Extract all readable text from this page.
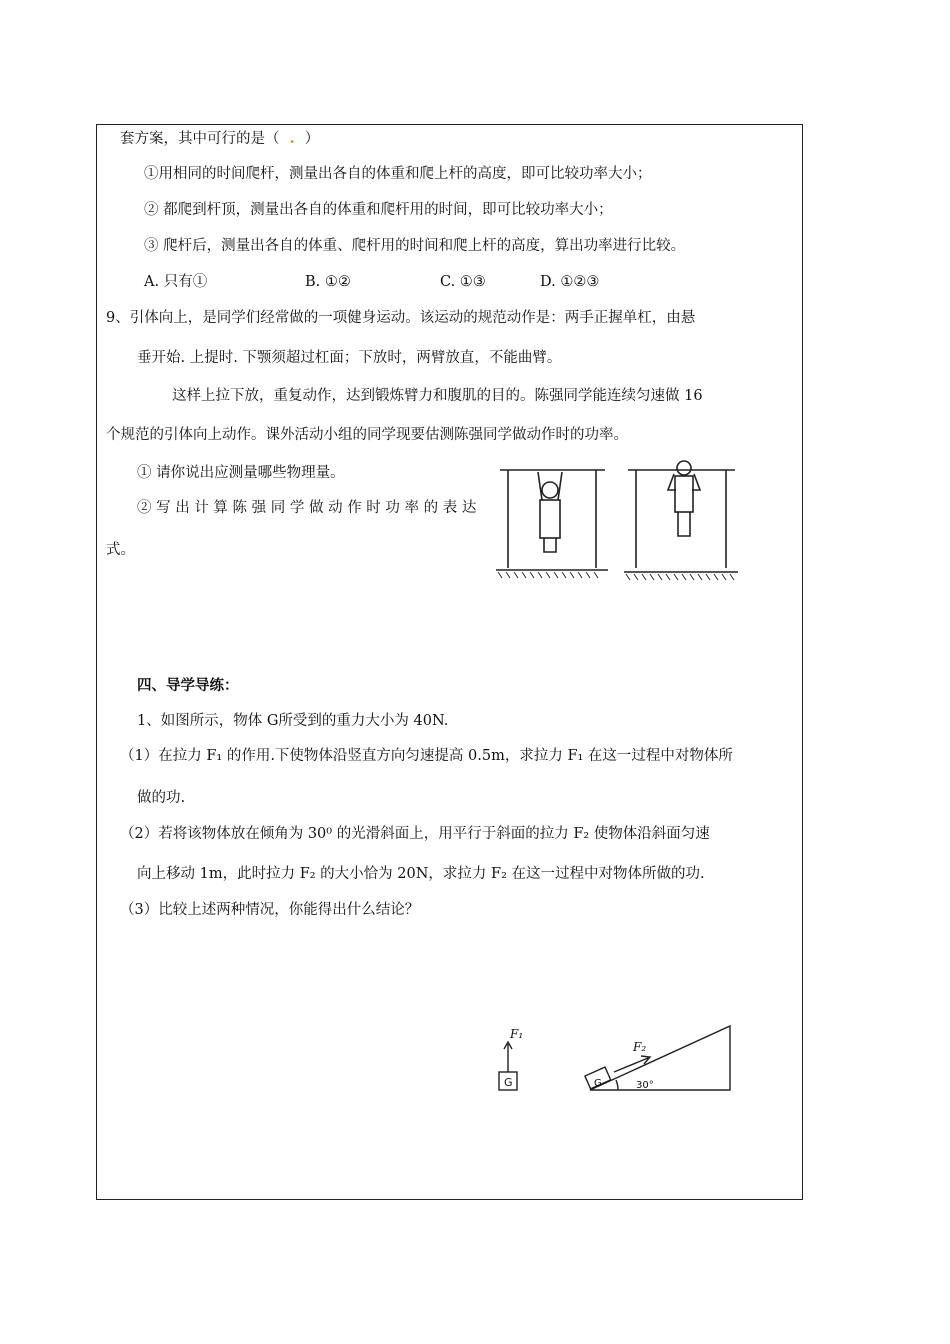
套方案，其中可行的是（  .  ）
①用相同的时间爬杆，测量出各自的体重和爬上杆的高度，即可比较功率大小；
② 都爬到杆顶，测量出各自的体重和爬杆用的时间，即可比较功率大小；
③ 爬杆后，测量出各自的体重、爬杆用的时间和爬上杆的高度，算出功率进行比较。
A. 只有①	B. ①②	C. ①③	D. ①②③
9、引体向上，是同学们经常做的一项健身运动。该运动的规范动作是：两手正握单杠，由悬
垂开始. 上提时. 下颚须超过杠面；下放时，两臂放直，不能曲臂。
这样上拉下放，重复动作，达到锻炼臂力和腹肌的目的。陈强同学能连续匀速做 16
个规范的引体向上动作。课外活动小组的同学现要估测陈强同学做动作时的功率。
① 请你说出应测量哪些物理量。
② 写 出 计 算 陈 强 同 学 做 动 作 时 功 率 的 表 达
式。
四、导学导练：
1、如图所示，物体 G所受到的重力大小为 40N.
（1）在拉力 F₁ 的作用.下使物体沿竖直方向匀速提高 0.5m，求拉力 F₁ 在这一过程中对物体所
做的功.
（2）若将该物体放在倾角为 30⁰ 的光滑斜面上，用平行于斜面的拉力 F₂ 使物体沿斜面匀速
向上移动 1m，此时拉力 F₂ 的大小恰为 20N，求拉力 F₂ 在这一过程中对物体所做的功.
（3）比较上述两种情况，你能得出什么结论？
F₁
G
F₂
G	30°
